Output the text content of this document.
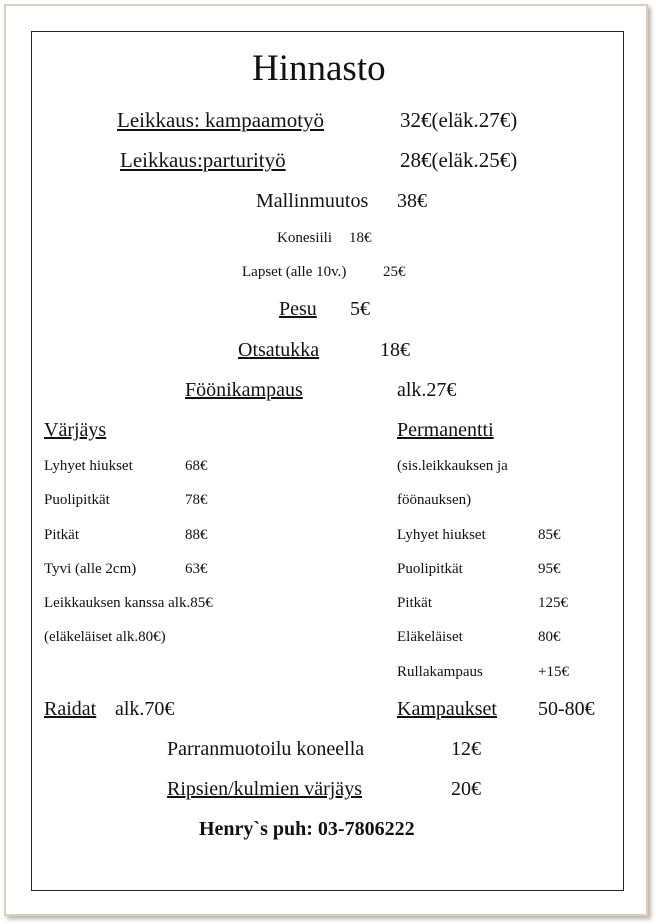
Hinnasto
Leikkaus: kampaamotyö	32€(eläk.27€)
Leikkaus:parturityö	28€(eläk.25€)
Mallinmuutos 38€
Konesiili 18€
Lapset (alle 10v.) 25€
Pesu 5€
Otsatukka	18€
Föönikampaus	alk.27€
Värjäys
Lyhyet hiukset	68€
Puolipitkät	78€
Pitkät	88€
Tyvi (alle 2cm)	63€
Leikkauksen kanssa alk.85€
(eläkeläiset alk.80€)
Permanentti
(sis.leikkauksen ja
föönauksen)
Lyhyet hiukset	85€
Puolipitkät	95€
Pitkät	125€
Eläkeläiset	80€
Rullakampaus	+15€
Raidat alk.70€	Kampaukset 50-80€
Parranmuotoilu koneella	12€
Ripsien/kulmien värjäys	20€
Henry`s puh: 03-7806222
